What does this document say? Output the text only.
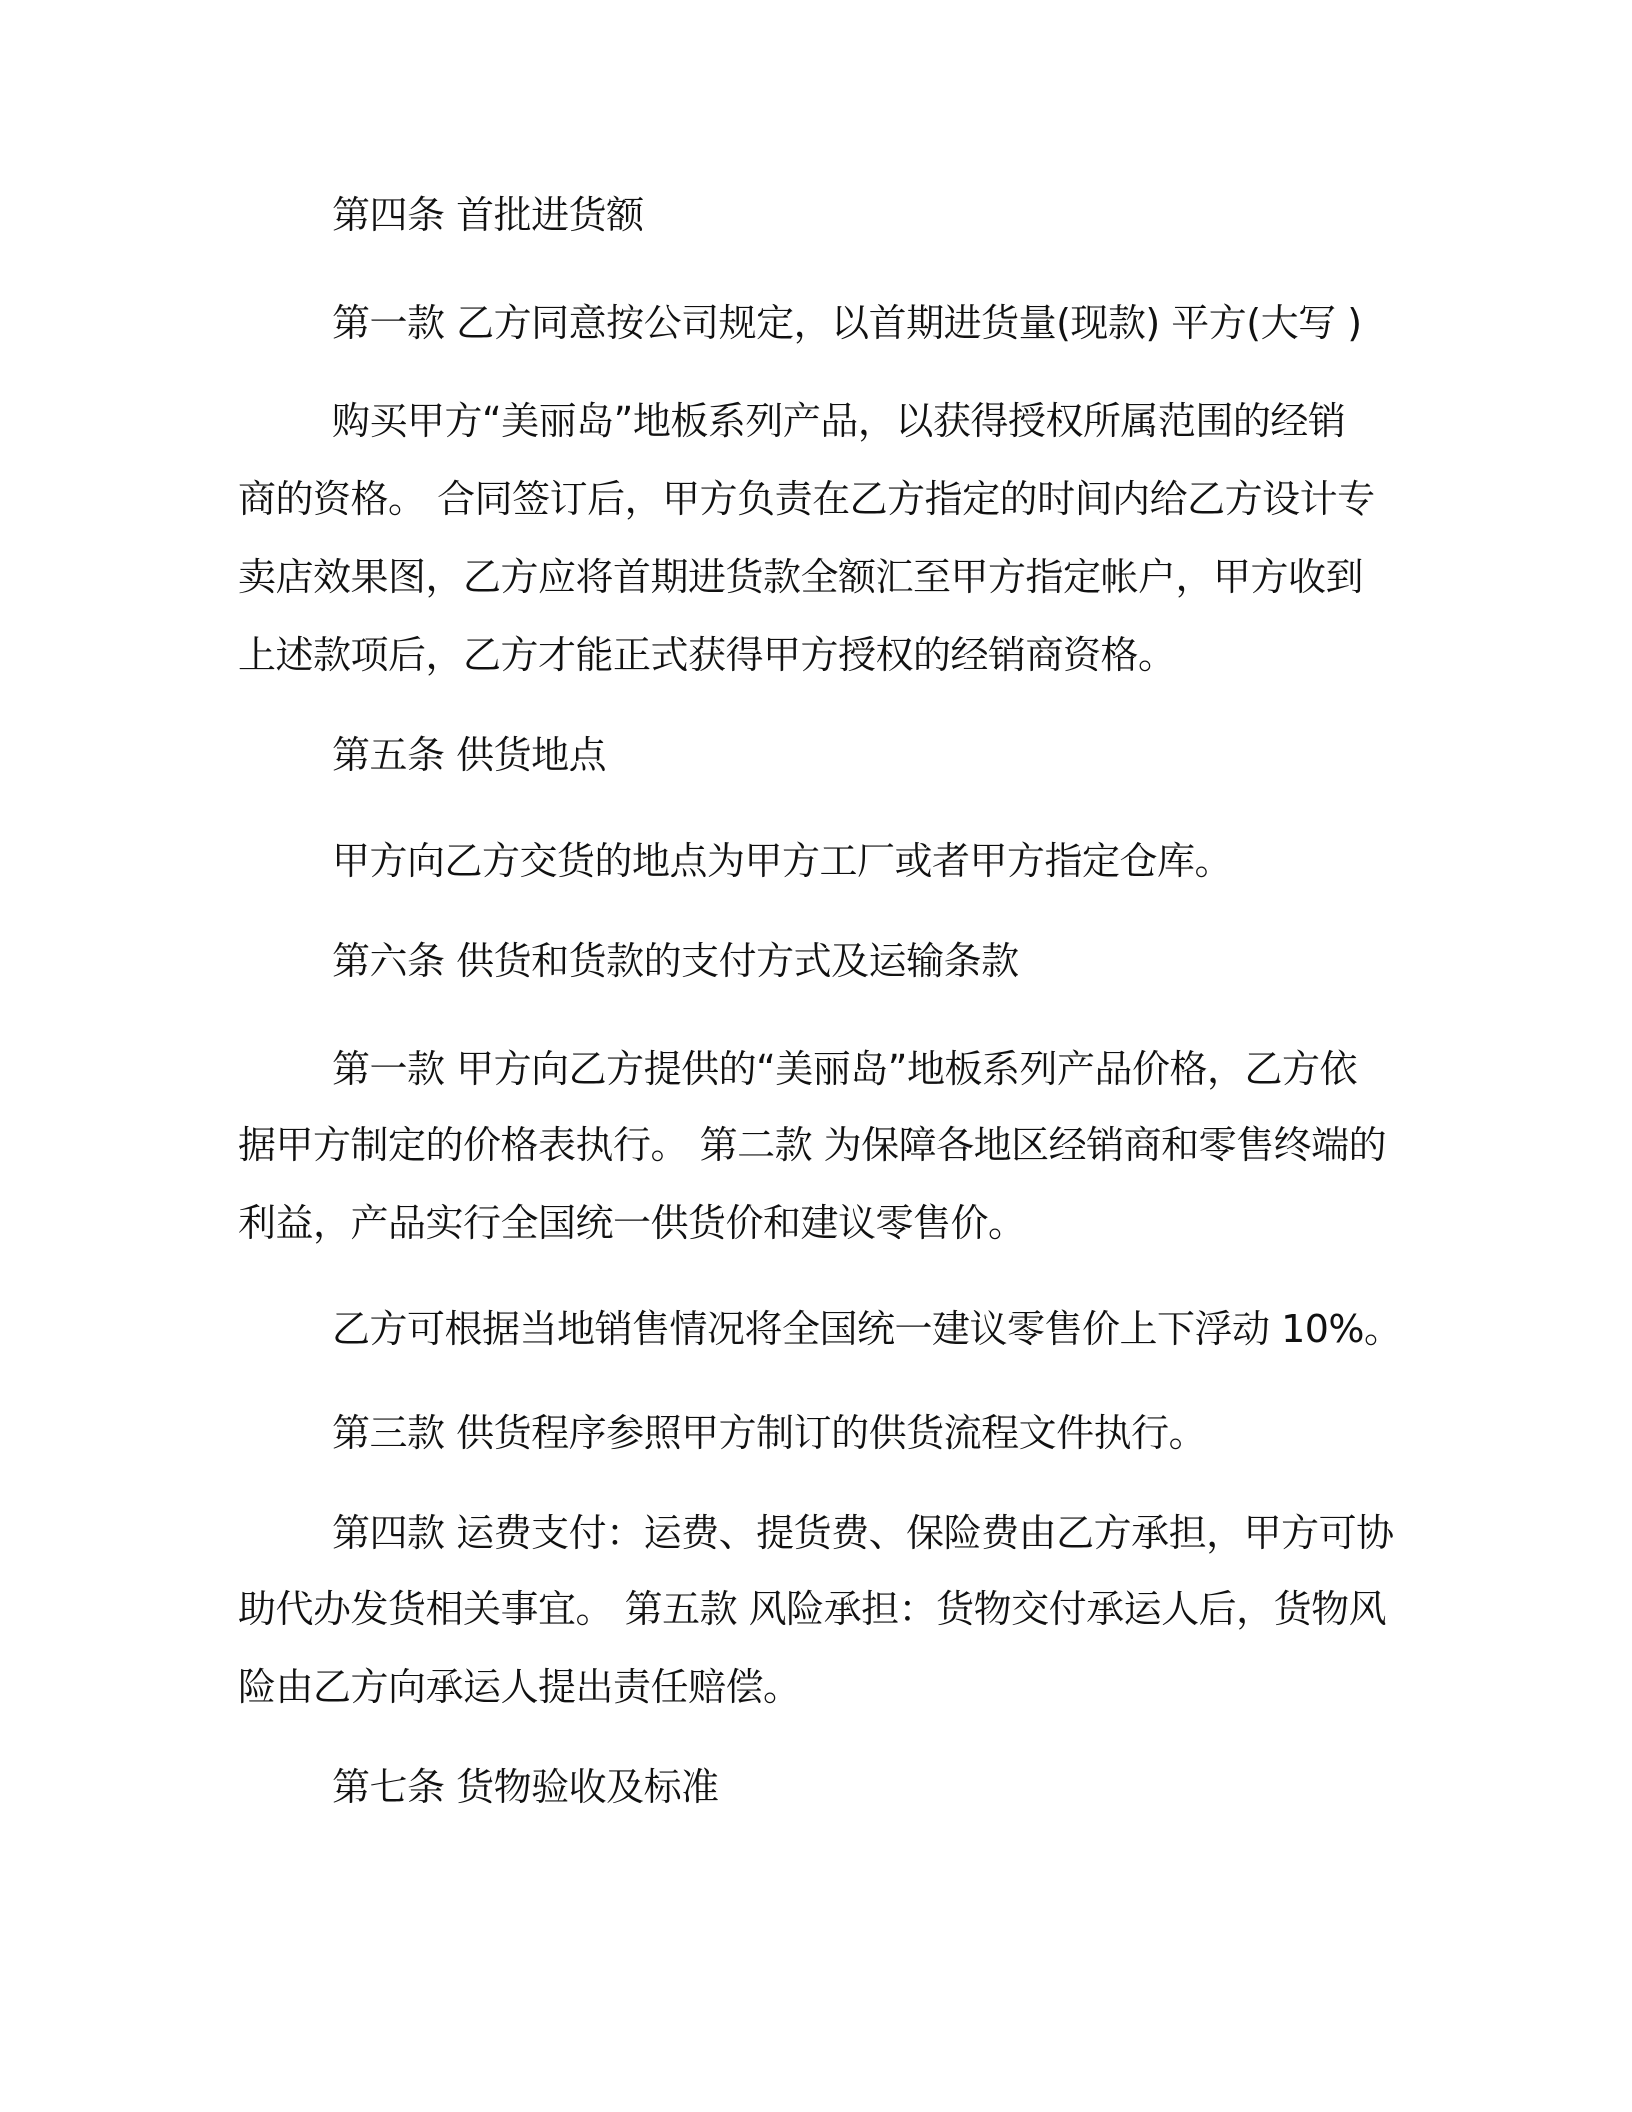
第四条 首批进货额
第一款 乙方同意按公司规定，以首期进货量(现款) 平方(大写 )
购买甲方“美丽岛”地板系列产品，以获得授权所属范围的经销
商的资格。 合同签订后，甲方负责在乙方指定的时间内给乙方设计专
卖店效果图，乙方应将首期进货款全额汇至甲方指定帐户，甲方收到
上述款项后，乙方才能正式获得甲方授权的经销商资格。
第五条 供货地点
甲方向乙方交货的地点为甲方工厂或者甲方指定仓库。
第六条 供货和货款的支付方式及运输条款
第一款 甲方向乙方提供的“美丽岛”地板系列产品价格，乙方依
据甲方制定的价格表执行。 第二款 为保障各地区经销商和零售终端的
利益，产品实行全国统一供货价和建议零售价。
乙方可根据当地销售情况将全国统一建议零售价上下浮动 10%。
第三款 供货程序参照甲方制订的供货流程文件执行。
第四款 运费支付：运费、提货费、保险费由乙方承担，甲方可协
助代办发货相关事宜。 第五款 风险承担：货物交付承运人后，货物风
险由乙方向承运人提出责任赔偿。
第七条 货物验收及标准
